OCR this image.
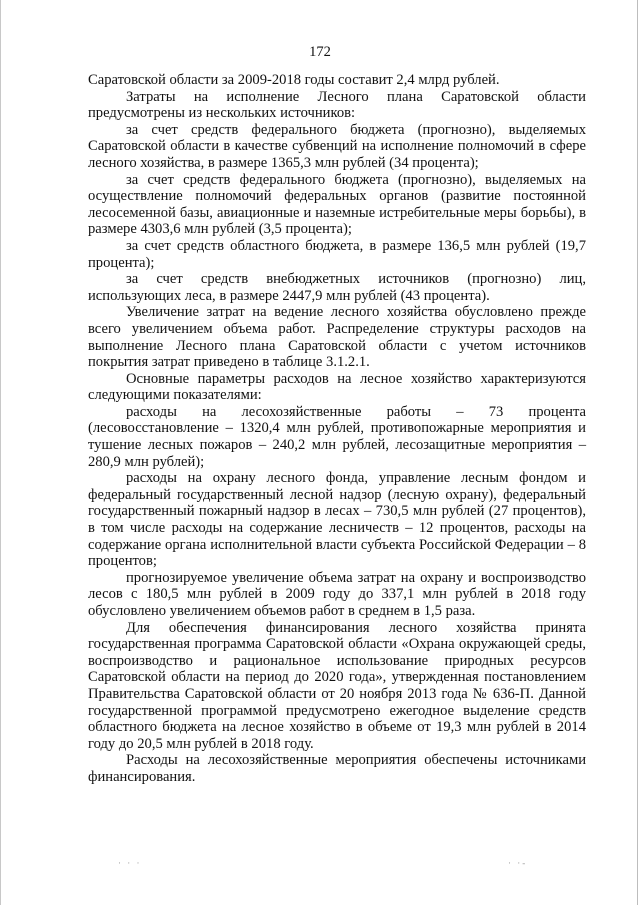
172

Саратовской области за 2009-2018 годы составит 2,4 млрд рублей.

Затраты на исполнение Лесного плана Саратовской области предусмотрены из нескольких источников:

за счет средств федерального бюджета (прогнозно), выделяемых Саратовской области в качестве субвенций на исполнение полномочий в сфере лесного хозяйства, в размере 1365,3 млн рублей (34 процента);

за счет средств федерального бюджета (прогнозно), выделяемых на осуществление полномочий федеральных органов (развитие постоянной лесосеменной базы, авиационные и наземные истребительные меры борьбы), в размере 4303,6 млн рублей (3,5 процента);

за счет средств областного бюджета, в размере 136,5 млн рублей (19,7 процента);

за счет средств внебюджетных источников (прогнозно) лиц, использующих леса, в размере 2447,9 млн рублей (43 процента).

Увеличение затрат на ведение лесного хозяйства обусловлено прежде всего увеличением объема работ. Распределение структуры расходов на выполнение Лесного плана Саратовской области с учетом источников покрытия затрат приведено в таблице 3.1.2.1.

Основные параметры расходов на лесное хозяйство характеризуются следующими показателями:

расходы на лесохозяйственные работы – 73 процента (лесовосстановление – 1320,4 млн рублей, противопожарные мероприятия и тушение лесных пожаров – 240,2 млн рублей, лесозащитные мероприятия – 280,9 млн рублей);

расходы на охрану лесного фонда, управление лесным фондом и федеральный государственный лесной надзор (лесную охрану), федеральный государственный пожарный надзор в лесах – 730,5 млн рублей (27 процентов), в том числе расходы на содержание лесничеств – 12 процентов, расходы на содержание органа исполнительной власти субъекта Российской Федерации – 8 процентов;

прогнозируемое увеличение объема затрат на охрану и воспроизводство лесов с 180,5 млн рублей в 2009 году до 337,1 млн рублей в 2018 году обусловлено увеличением объемов работ в среднем в 1,5 раза.

Для обеспечения финансирования лесного хозяйства принята государственная программа Саратовской области «Охрана окружающей среды, воспроизводство и рациональное использование природных ресурсов Саратовской области на период до 2020 года», утвержденная постановлением Правительства Саратовской области от 20 ноября 2013 года № 636-П. Данной государственной программой предусмотрено ежегодное выделение средств областного бюджета на лесное хозяйство в объеме от 19,3 млн рублей в 2014 году до 20,5 млн рублей в 2018 году.

Расходы на лесохозяйственные мероприятия обеспечены источниками финансирования.

· · ·	· ·-
